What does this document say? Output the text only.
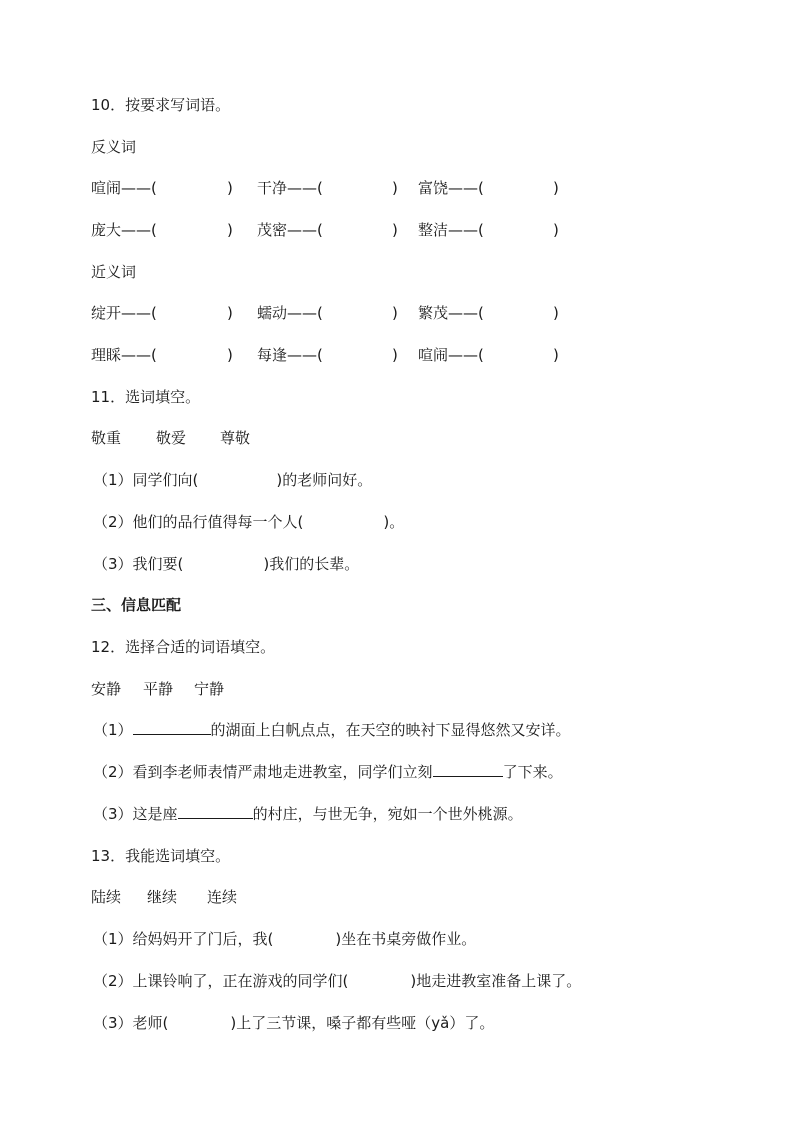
10．按要求写词语。
反义词
喧闹——(	) 干净——(	) 富饶——(	)
庞大——(	) 茂密——(	) 整洁——(	)
近义词
绽开——(	) 蠕动——(	) 繁茂——(	)
理睬——(	) 每逢——(	) 喧闹——(	)
11．选词填空。
敬重 敬爱 尊敬
（1）同学们向(	)的老师问好。
（2）他们的品行值得每一个人(	)。
（3）我们要(	)我们的长辈。
三、信息匹配
12．选择合适的词语填空。
安静 平静 宁静
（1）	的湖面上白帆点点，在天空的映衬下显得悠然又安详。
（2）看到李老师表情严肃地走进教室，同学们立刻	了下来。
（3）这是座	的村庄，与世无争，宛如一个世外桃源。
13．我能选词填空。
陆续 继续 连续
（1）给妈妈开了门后，我(	)坐在书桌旁做作业。
（2）上课铃响了，正在游戏的同学们(	)地走进教室准备上课了。
（3）老师(	)上了三节课，嗓子都有些哑（yǎ）了。
